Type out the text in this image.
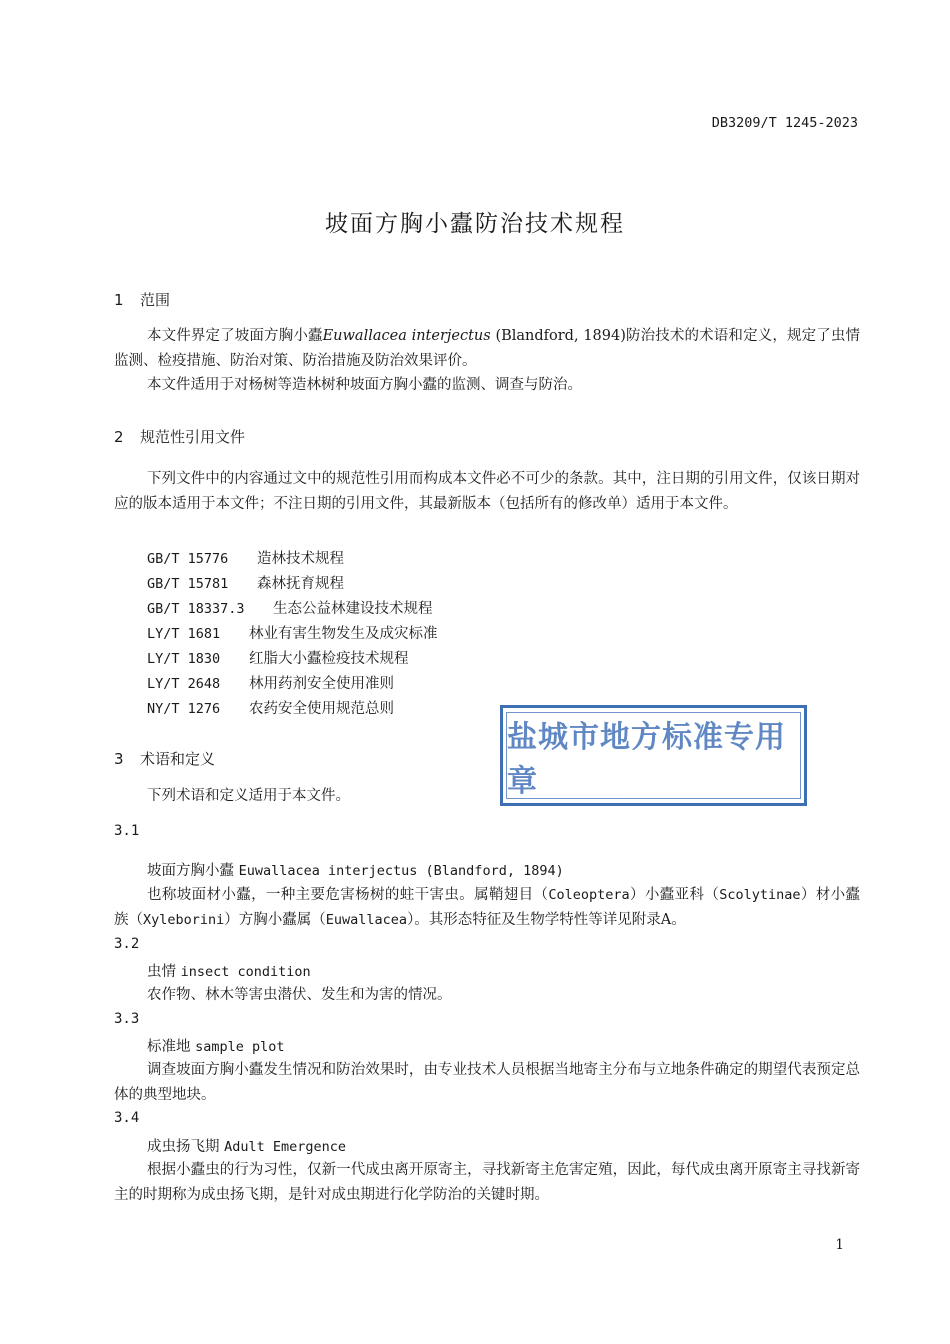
DB3209/T 1245-2023
坡面方胸小蠹防治技术规程
1 范围
本文件界定了坡面方胸小蠹Euwallacea interjectus (Blandford, 1894)防治技术的术语和定义，规定了虫情监测、检疫措施、防治对策、防治措施及防治效果评价。
本文件适用于对杨树等造林树种坡面方胸小蠹的监测、调查与防治。
2 规范性引用文件
下列文件中的内容通过文中的规范性引用而构成本文件必不可少的条款。其中，注日期的引用文件，仅该日期对应的版本适用于本文件；不注日期的引用文件，其最新版本（包括所有的修改单）适用于本文件。
GB/T 15776 造林技术规程
GB/T 15781 森林抚育规程
GB/T 18337.3 生态公益林建设技术规程
LY/T 1681 林业有害生物发生及成灾标准
LY/T 1830 红脂大小蠹检疫技术规程
LY/T 2648 林用药剂安全使用准则
NY/T 1276 农药安全使用规范总则
盐城市地方标准专用章
3 术语和定义
下列术语和定义适用于本文件。
3.1
坡面方胸小蠹 Euwallacea interjectus (Blandford, 1894)
也称坡面材小蠹，一种主要危害杨树的蛀干害虫。属鞘翅目（Coleoptera）小蠹亚科（Scolytinae）材小蠹族（Xyleborini）方胸小蠹属（Euwallacea）。其形态特征及生物学特性等详见附录A。
3.2
虫情 insect condition
农作物、林木等害虫潜伏、发生和为害的情况。
3.3
标准地 sample plot
调查坡面方胸小蠹发生情况和防治效果时，由专业技术人员根据当地寄主分布与立地条件确定的期望代表预定总体的典型地块。
3.4
成虫扬飞期 Adult Emergence
根据小蠹虫的行为习性，仅新一代成虫离开原寄主，寻找新寄主危害定殖，因此，每代成虫离开原寄主寻找新寄主的时期称为成虫扬飞期，是针对成虫期进行化学防治的关键时期。
1
